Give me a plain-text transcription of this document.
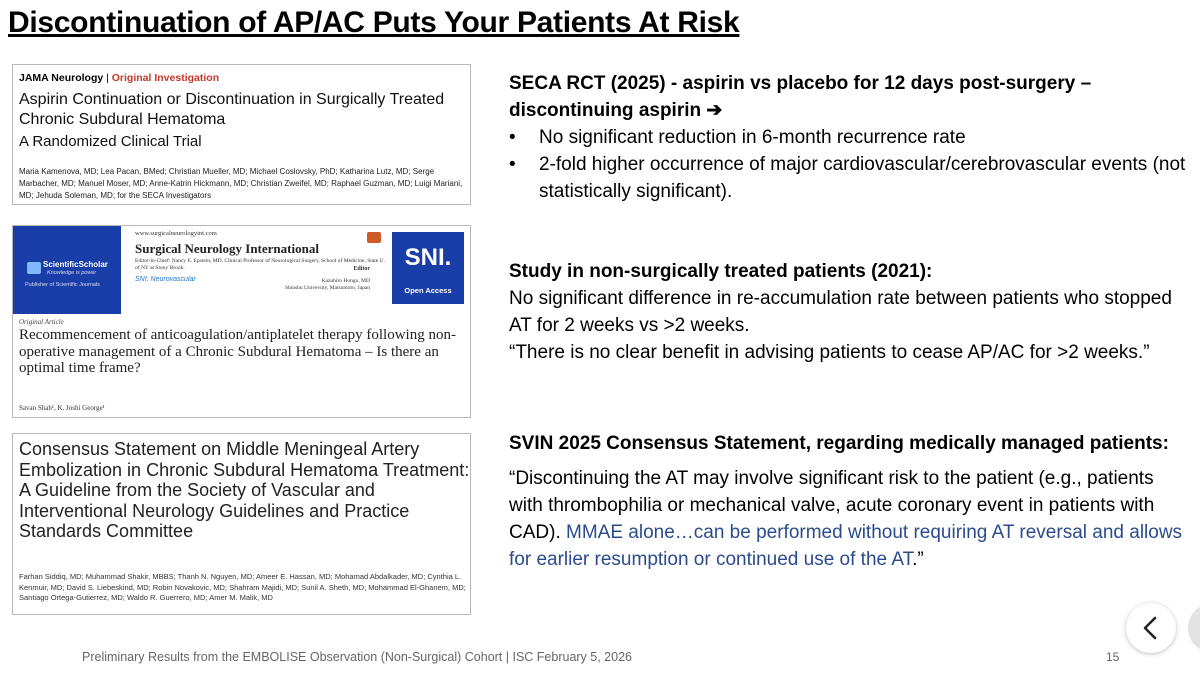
Discontinuation of AP/AC Puts Your Patients At Risk
JAMA Neurology | Original Investigation
Aspirin Continuation or Discontinuation in Surgically Treated Chronic Subdural Hematoma
A Randomized Clinical Trial
Maria Kamenova, MD; Lea Pacan, BMed; Christian Mueller, MD; Michael Coslovsky, PhD; Katharina Lutz, MD; Serge Marbacher, MD; Manuel Moser, MD; Anne-Katrin Hickmann, MD; Christian Zweifel, MD; Raphael Guzman, MD; Luigi Mariani, MD; Jehuda Soleman, MD; for the SECA Investigators
ScientificScholar
Knowledge is power
Publisher of Scientific Journals
www.surgicalneurologyint.com
Surgical Neurology International
Editor-in-Chief: Nancy E. Epstein, MD, Clinical Professor of Neurological Surgery, School of Medicine, State U. of NY at Stony Brook.
SNI: Neurovascular
Editor
Kazuhiro Hongo, MD
Shinshu University, Matsumoto, Japan
SNI.
Open Access
Original Article
Recommencement of anticoagulation/antiplatelet therapy following non-operative management of a Chronic Subdural Hematoma – Is there an optimal time frame?
Savan Shah¹, K. Joshi George¹
Consensus Statement on Middle Meningeal Artery Embolization in Chronic Subdural Hematoma Treatment: A Guideline from the Society of Vascular and Interventional Neurology Guidelines and Practice Standards Committee
Farhan Siddiq, MD; Muhammad Shakir, MBBS; Thanh N. Nguyen, MD; Ameer E. Hassan, MD; Mohamad Abdalkader, MD; Cynthia L. Kenmuir, MD; David S. Liebeskind, MD; Robin Novakovic, MD; Shahram Majidi, MD; Sunil A. Sheth, MD; Mohammad El-Ghanem, MD; Santiago Ortega-Gutierrez, MD; Waldo R. Guerrero, MD; Amer M. Malik, MD
SECA RCT (2025) - aspirin vs placebo for 12 days post-surgery – discontinuing aspirin ➔
• No significant reduction in 6-month recurrence rate
• 2-fold higher occurrence of major cardiovascular/cerebrovascular events (not statistically significant).
Study in non-surgically treated patients (2021):
No significant difference in re-accumulation rate between patients who stopped AT for 2 weeks vs >2 weeks.
“There is no clear benefit in advising patients to cease AP/AC for >2 weeks.”
SVIN 2025 Consensus Statement, regarding medically managed patients:
“Discontinuing the AT may involve significant risk to the patient (e.g., patients with thrombophilia or mechanical valve, acute coronary event in patients with CAD). MMAE alone…can be performed without requiring AT reversal and allows for earlier resumption or continued use of the AT.”
Preliminary Results from the EMBOLISE Observation (Non-Surgical) Cohort | ISC February 5, 2026	15
